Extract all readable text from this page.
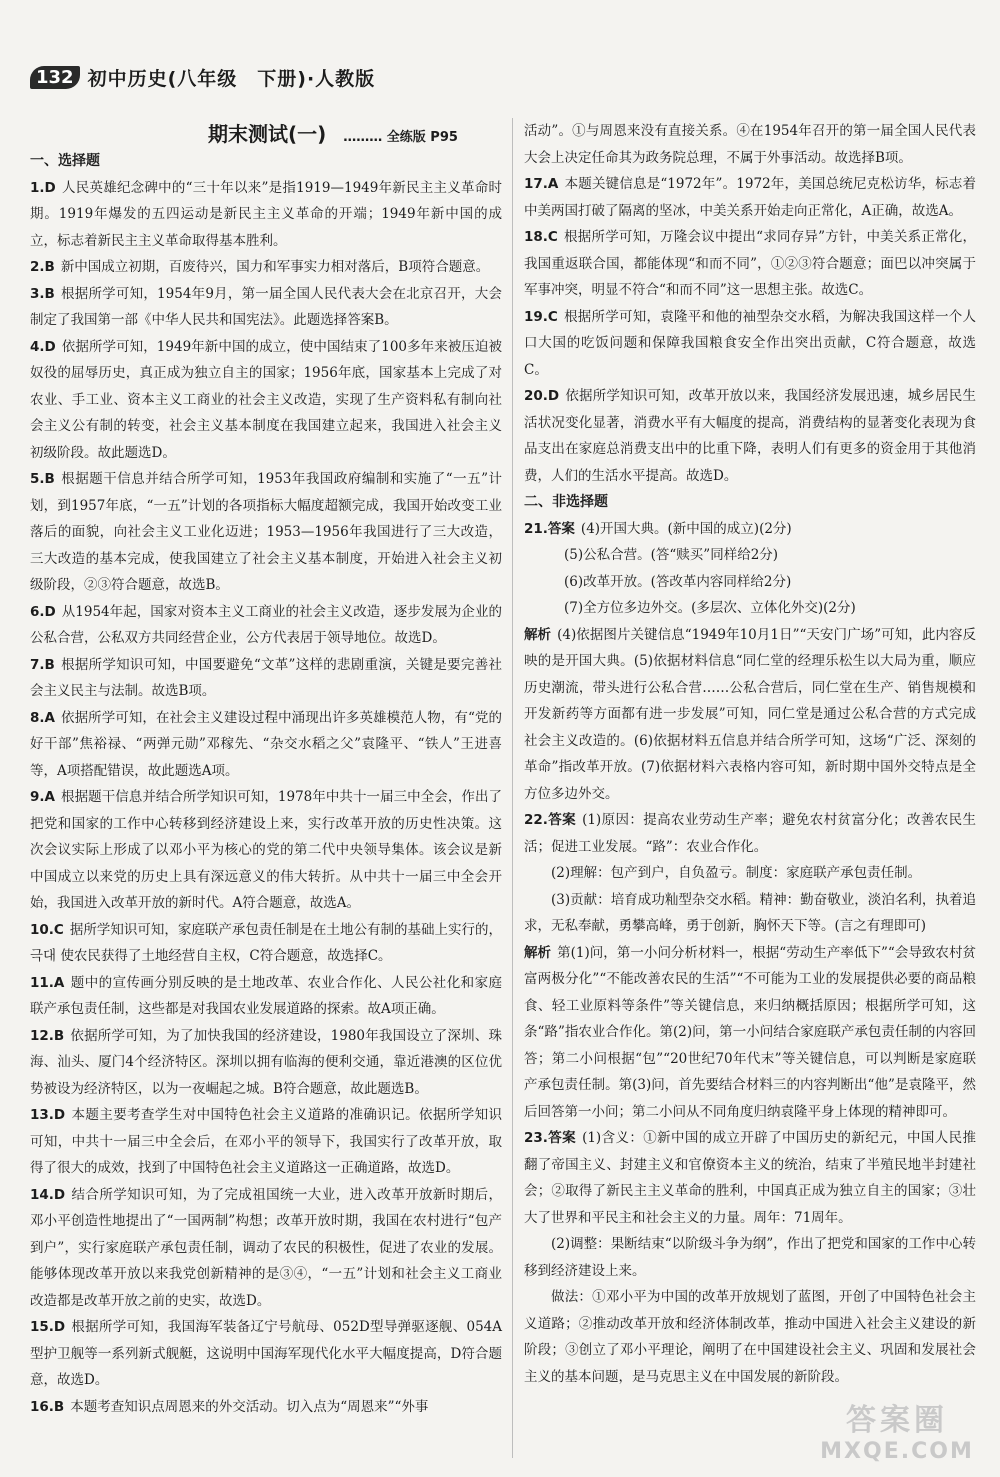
132 初中历史(八年级　下册)·人教版
期末测试(一) ……… 全练版 P95
一、选择题
1.D 人民英雄纪念碑中的“三十年以来”是指1919—1949年新民主主义革命时期。1919年爆发的五四运动是新民主主义革命的开端；1949年新中国的成立，标志着新民主主义革命取得基本胜利。
2.B 新中国成立初期，百废待兴，国力和军事实力相对落后，B项符合题意。
3.B 根据所学可知，1954年9月，第一届全国人民代表大会在北京召开，大会制定了我国第一部《中华人民共和国宪法》。此题选择答案B。
4.D 依据所学可知，1949年新中国的成立，使中国结束了100多年来被压迫被奴役的屈辱历史，真正成为独立自主的国家；1956年底，国家基本上完成了对农业、手工业、资本主义工商业的社会主义改造，实现了生产资料私有制向社会主义公有制的转变，社会主义基本制度在我国建立起来，我国进入社会主义初级阶段。故此题选D。
5.B 根据题干信息并结合所学可知，1953年我国政府编制和实施了“一五”计划，到1957年底，“一五”计划的各项指标大幅度超额完成，我国开始改变工业落后的面貌，向社会主义工业化迈进；1953—1956年我国进行了三大改造，三大改造的基本完成，使我国建立了社会主义基本制度，开始进入社会主义初级阶段，②③符合题意，故选B。
6.D 从1954年起，国家对资本主义工商业的社会主义改造，逐步发展为企业的公私合营，公私双方共同经营企业，公方代表居于领导地位。故选D。
7.B 根据所学知识可知，中国要避免“文革”这样的悲剧重演，关键是要完善社会主义民主与法制。故选B项。
8.A 依据所学可知，在社会主义建设过程中涌现出许多英雄模范人物，有“党的好干部”焦裕禄、“两弹元勋”邓稼先、“杂交水稻之父”袁隆平、“铁人”王进喜等，A项搭配错误，故此题选A项。
9.A 根据题干信息并结合所学知识可知，1978年中共十一届三中全会，作出了把党和国家的工作中心转移到经济建设上来，实行改革开放的历史性决策。这次会议实际上形成了以邓小平为核心的党的第二代中央领导集体。该会议是新中国成立以来党的历史上具有深远意义的伟大转折。从中共十一届三中全会开始，我国进入改革开放的新时代。A符合题意，故选A。
10.C 据所学知识可知，家庭联产承包责任制是在土地公有制的基础上实行的，극대 使农民获得了土地经营自主权，C符合题意，故选择C。
11.A 题中的宣传画分别反映的是土地改革、农业合作化、人民公社化和家庭联产承包责任制，这些都是对我国农业发展道路的探索。故A项正确。
12.B 依据所学可知，为了加快我国的经济建设，1980年我国设立了深圳、珠海、汕头、厦门4个经济特区。深圳以拥有临海的便利交通，靠近港澳的区位优势被设为经济特区，以为一夜崛起之城。B符合题意，故此题选B。
13.D 本题主要考查学生对中国特色社会主义道路的准确识记。依据所学知识可知，中共十一届三中全会后，在邓小平的领导下，我国实行了改革开放，取得了很大的成效，找到了中国特色社会主义道路这一正确道路，故选D。
14.D 结合所学知识可知，为了完成祖国统一大业，进入改革开放新时期后，邓小平创造性地提出了“一国两制”构想；改革开放时期，我国在农村进行“包产到户”，实行家庭联产承包责任制，调动了农民的积极性，促进了农业的发展。能够体现改革开放以来我党创新精神的是③④，“一五”计划和社会主义工商业改造都是改革开放之前的史实，故选D。
15.D 根据所学可知，我国海军装备辽宁号航母、052D型导弹驱逐舰、054A型护卫舰等一系列新式舰艇，这说明中国海军现代化水平大幅度提高，D符合题意，故选D。
16.B 本题考查知识点周恩来的外交活动。切入点为“周恩来”“外事
活动”。①与周恩来没有直接关系。④在1954年召开的第一届全国人民代表大会上决定任命其为政务院总理，不属于外事活动。故选择B项。
17.A 本题关键信息是“1972年”。1972年，美国总统尼克松访华，标志着中美两国打破了隔离的坚冰，中美关系开始走向正常化，A正确，故选A。
18.C 根据所学可知，万隆会议中提出“求同存异”方针，中美关系正常化，我国重返联合国，都能体现“和而不同”，①②③符合题意；面巴以冲突属于军事冲突，明显不符合“和而不同”这一思想主张。故选C。
19.C 根据所学可知，袁隆平和他的袖型杂交水稻，为解决我国这样一个人口大国的吃饭问题和保障我国粮食安全作出突出贡献，C符合题意，故选C。
20.D 依据所学知识可知，改革开放以来，我国经济发展迅速，城乡居民生活状况变化显著，消费水平有大幅度的提高，消费结构的显著变化表现为食品支出在家庭总消费支出中的比重下降，表明人们有更多的资金用于其他消费，人们的生活水平提高。故选D。
二、非选择题
21.答案 (4)开国大典。(新中国的成立)(2分)
(5)公私合营。(答“赎买”同样给2分)
(6)改革开放。(答改革内容同样给2分)
(7)全方位多边外交。(多层次、立体化外交)(2分)
解析 (4)依据图片关键信息“1949年10月1日”“天安门广场”可知，此内容反映的是开国大典。(5)依据材料信息“同仁堂的经理乐松生以大局为重，顺应历史潮流，带头进行公私合营……公私合营后，同仁堂在生产、销售规模和开发新药等方面都有进一步发展”可知，同仁堂是通过公私合营的方式完成社会主义改造的。(6)依据材料五信息并结合所学可知，这场“广泛、深刻的革命”指改革开放。(7)依据材料六表格内容可知，新时期中国外交特点是全方位多边外交。
22.答案 (1)原因：提高农业劳动生产率；避免农村贫富分化；改善农民生活；促进工业发展。“路”：农业合作化。
(2)理解：包产到户，自负盈亏。制度：家庭联产承包责任制。
(3)贡献：培育成功籼型杂交水稻。精神：勤奋敬业，淡泊名利，执着追求，无私奉献，勇攀高峰，勇于创新，胸怀天下等。(言之有理即可)
解析 第(1)问，第一小问分析材料一，根据“劳动生产率低下”“会导致农村贫富两极分化”“不能改善农民的生活”“不可能为工业的发展提供必要的商品粮食、轻工业原料等条件”等关键信息，来归纳概括原因；根据所学可知，这条“路”指农业合作化。第(2)问，第一小问结合家庭联产承包责任制的内容回答；第二小问根据“包”“20世纪70年代末”等关键信息，可以判断是家庭联产承包责任制。第(3)问，首先要结合材料三的内容判断出“他”是袁隆平，然后回答第一小问；第二小问从不同角度归纳袁隆平身上体现的精神即可。
23.答案 (1)含义：①新中国的成立开辟了中国历史的新纪元，中国人民推翻了帝国主义、封建主义和官僚资本主义的统治，结束了半殖民地半封建社会；②取得了新民主主义革命的胜利，中国真正成为独立自主的国家；③壮大了世界和平民主和社会主义的力量。周年：71周年。
(2)调整：果断结束“以阶级斗争为纲”，作出了把党和国家的工作中心转移到经济建设上来。
做法：①邓小平为中国的改革开放规划了蓝图，开创了中国特色社会主义道路；②推动改革开放和经济体制改革，推动中国进入社会主义建设的新阶段；③创立了邓小平理论，阐明了在中国建设社会主义、巩固和发展社会主义的基本问题，是马克思主义在中国发展的新阶段。
答案圈
MXQE.COM
